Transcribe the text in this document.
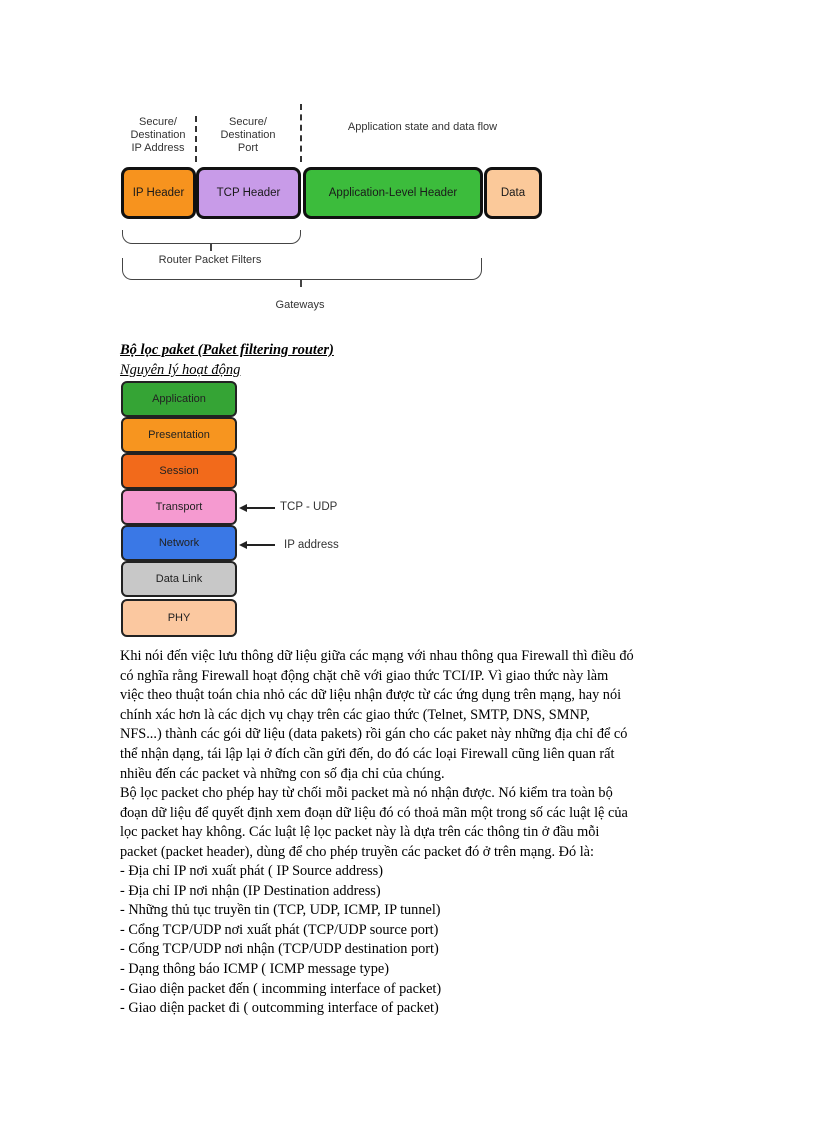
Secure/
Destination
IP Address
Secure/
Destination
Port
Application state and data flow
IP Header	TCP Header	Application-Level Header	Data
Router Packet Filters
Gateways
Bộ lọc paket (Paket filtering router)
Nguyên lý hoạt động
Application
Presentation
Session
Transport
Network
Data Link
PHY
TCP - UDP
IP address
Khi nói đến việc lưu thông dữ liệu giữa các mạng với nhau thông qua Firewall thì điều đó
có nghĩa rằng Firewall hoạt động chặt chẽ với giao thức TCI/IP. Vì giao thức này làm
việc theo thuật toán chia nhỏ các dữ liệu nhận được từ các ứng dụng trên mạng, hay nói
chính xác hơn là các dịch vụ chạy trên các giao thức (Telnet, SMTP, DNS, SMNP,
NFS...) thành các gói dữ liệu (data pakets) rồi gán cho các paket này những địa chỉ để có
thể nhận dạng, tái lập lại ở đích cần gửi đến, do đó các loại Firewall cũng liên quan rất
nhiều đến các packet và những con số địa chỉ của chúng.
Bộ lọc packet cho phép hay từ chối mỗi packet mà nó nhận được. Nó kiểm tra toàn bộ
đoạn dữ liệu để quyết định xem đoạn dữ liệu đó có thoả mãn một trong số các luật lệ của
lọc packet hay không. Các luật lệ lọc packet này là dựa trên các thông tin ở đầu mỗi
packet (packet header), dùng để cho phép truyền các packet đó ở trên mạng. Đó là:
- Địa chỉ IP nơi xuất phát ( IP Source address)
- Địa chỉ IP nơi nhận (IP Destination address)
- Những thủ tục truyền tin (TCP, UDP, ICMP, IP tunnel)
- Cổng TCP/UDP nơi xuất phát (TCP/UDP source port)
- Cổng TCP/UDP nơi nhận (TCP/UDP destination port)
- Dạng thông báo ICMP ( ICMP message type)
- Giao diện packet đến ( incomming interface of packet)
- Giao diện packet đi ( outcomming interface of packet)
